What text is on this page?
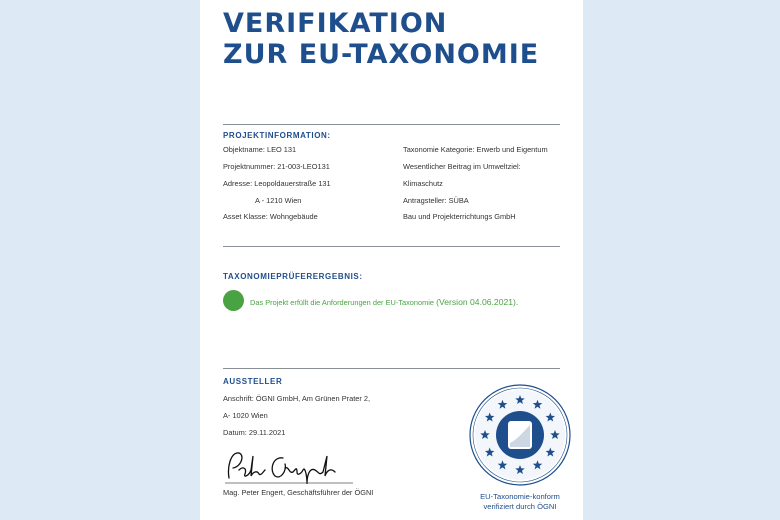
VERIFIKATION
ZUR EU-TAXONOMIE
PROJEKTINFORMATION:
Objektname: LEO 131
Projektnummer: 21-003-LEO131
Adresse: Leopoldauerstraße 131
A - 1210 Wien
Asset Klasse: Wohngebäude
Taxonomie Kategorie: Erwerb und Eigentum
Wesentlicher Beitrag im Umweltziel:
Klimaschutz
Antragsteller: SÜBA
Bau und Projekterrichtungs GmbH
TAXONOMIEPRÜFERERGEBNIS:
Das Projekt erfüllt die Anforderungen der EU-Taxonomie (Version 04.06.2021).
AUSSTELLER
Anschrift: ÖGNI GmbH, Am Grünen Prater 2,
A- 1020 Wien
Datum: 29.11.2021
Mag. Peter Engert, Geschäftsführer der ÖGNI	EU-Taxonomie-konform
verifiziert durch ÖGNI
